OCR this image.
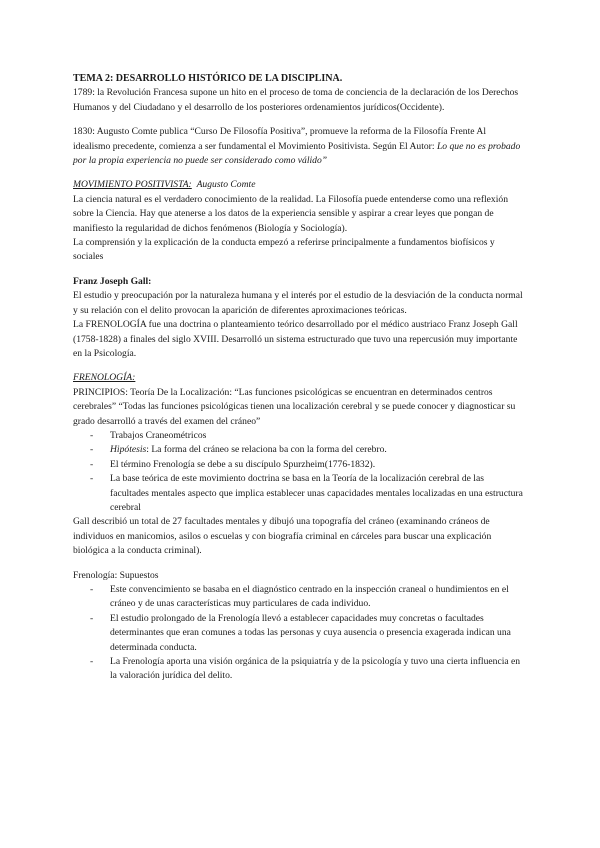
TEMA 2: DESARROLLO HISTÓRICO DE LA DISCIPLINA.

1789: la Revolución Francesa supone un hito en el proceso de toma de conciencia de la declaración de los Derechos Humanos y del Ciudadano y el desarrollo de los posteriores ordenamientos jurídicos(Occidente).

1830: Augusto Comte publica “Curso De Filosofía Positiva”, promueve la reforma de la Filosofía Frente Al idealismo precedente, comienza a ser fundamental el Movimiento Positivista. Según El Autor: Lo que no es probado por la propia experiencia no puede ser considerado como válido”

MOVIMIENTO POSITIVISTA: Augusto Comte

La ciencia natural es el verdadero conocimiento de la realidad. La Filosofía puede entenderse como una reflexión sobre la Ciencia. Hay que atenerse a los datos de la experiencia sensible y aspirar a crear leyes que pongan de manifiesto la regularidad de dichos fenómenos (Biología y Sociología).

La comprensión y la explicación de la conducta empezó a referirse principalmente a fundamentos biofísicos y sociales

Franz Joseph Gall:

El estudio y preocupación por la naturaleza humana y el interés por el estudio de la desviación de la conducta normal y su relación con el delito provocan la aparición de diferentes aproximaciones teóricas.

La FRENOLOGÍA fue una doctrina o planteamiento teórico desarrollado por el médico austriaco Franz Joseph Gall (1758-1828) a finales del siglo XVIII. Desarrolló un sistema estructurado que tuvo una repercusión muy importante en la Psicología.

FRENOLOGÍA:

PRINCIPIOS: Teoría De la Localización: “Las funciones psicológicas se encuentran en determinados centros cerebrales” “Todas las funciones psicológicas tienen una localización cerebral y se puede conocer y diagnosticar su grado desarrolló a través del examen del cráneo”

- Trabajos Craneométricos
- Hipótesis: La forma del cráneo se relaciona ba con la forma del cerebro.
- El término Frenología se debe a su discípulo Spurzheim(1776-1832).
- La base teórica de este movimiento doctrina se basa en la Teoría de la localización cerebral de las facultades mentales aspecto que implica establecer unas capacidades mentales localizadas en una estructura cerebral

Gall describió un total de 27 facultades mentales y dibujó una topografía del cráneo (examinando cráneos de individuos en manicomios, asilos o escuelas y con biografía criminal en cárceles para buscar una explicación biológica a la conducta criminal).

Frenología: Supuestos

- Este convencimiento se basaba en el diagnóstico centrado en la inspección craneal o hundimientos en el cráneo y de unas características muy particulares de cada individuo.
- El estudio prolongado de la Frenología llevó a establecer capacidades muy concretas o facultades determinantes que eran comunes a todas las personas y cuya ausencia o presencia exagerada indican una determinada conducta.
- La Frenología aporta una visión orgánica de la psiquiatría y de la psicología y tuvo una cierta influencia en la valoración jurídica del delito.
